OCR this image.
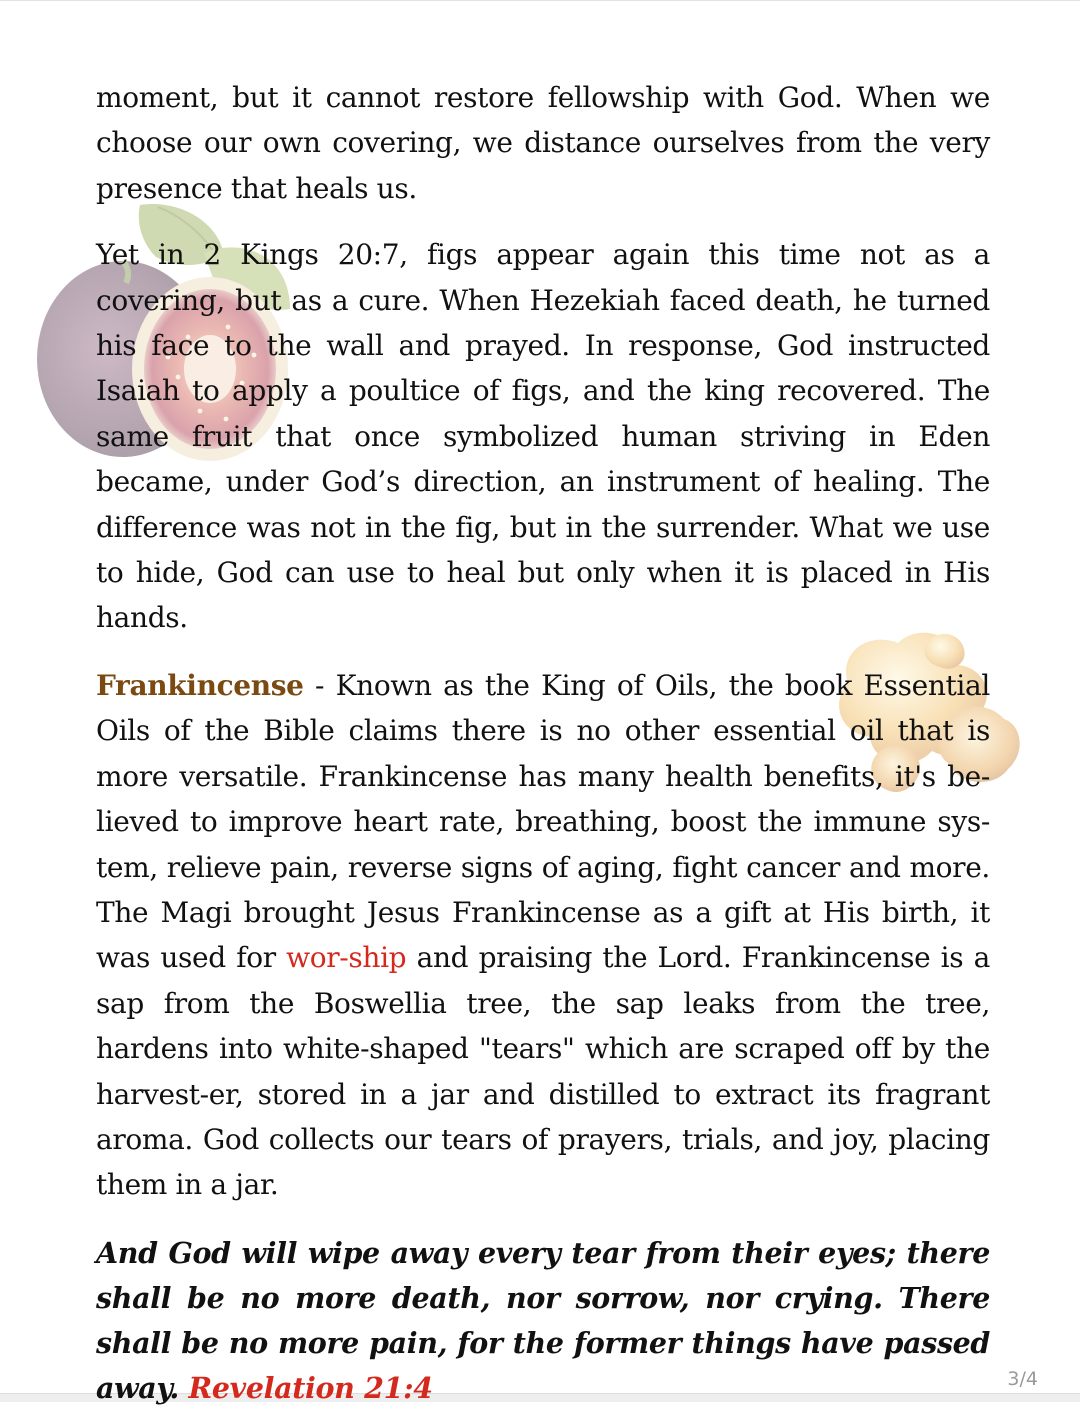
moment, but it cannot restore fellowship with God. When we choose our own covering, we distance ourselves from the very presence that heals us.

Yet in 2 Kings 20:7, figs appear again this time not as a covering, but as a cure. When Hezekiah faced death, he turned his face to the wall and prayed. In response, God instructed Isaiah to apply a poultice of figs, and the king recovered. The same fruit that once symbolized human striving in Eden became, under God’s direction, an instrument of healing. The difference was not in the fig, but in the surrender. What we use to hide, God can use to heal but only when it is placed in His hands.

Frankincense - Known as the King of Oils, the book Essential Oils of the Bible claims there is no other essential oil that is more versatile. Frankincense has many health benefits, it's be-lieved to improve heart rate, breathing, boost the immune sys-tem, relieve pain, reverse signs of aging, fight cancer and more. The Magi brought Jesus Frankincense as a gift at His birth, it was used for wor-ship and praising the Lord. Frankincense is a sap from the Boswellia tree, the sap leaks from the tree, hardens into white-shaped "tears" which are scraped off by the harvest-er, stored in a jar and distilled to extract its fragrant aroma. God collects our tears of prayers, trials, and joy, placing them in a jar.

And God will wipe away every tear from their eyes; there shall be no more death, nor sorrow, nor crying. There shall be no more pain, for the former things have passed away. Revelation 21:4	3/4
